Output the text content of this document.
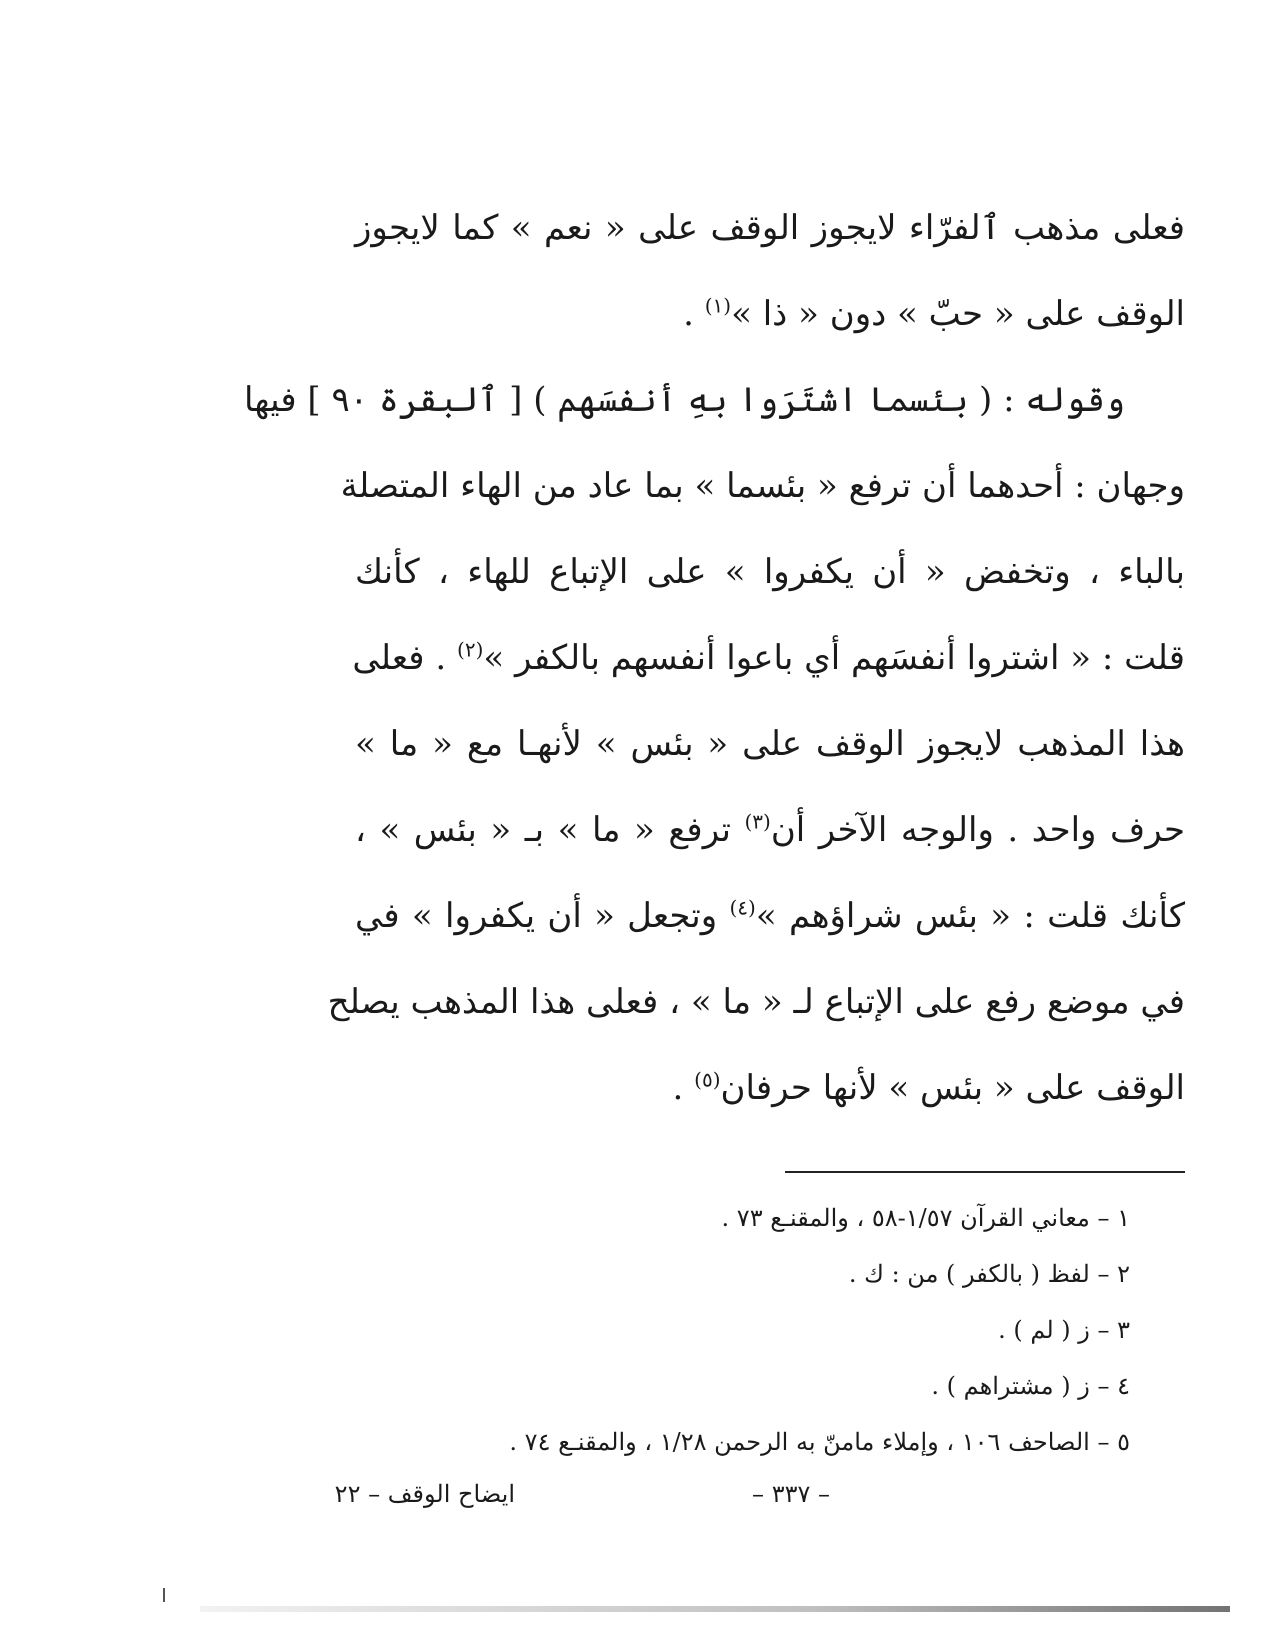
فعلى مذهب ٱلفرّاء لايجوز الوقف على « نعم » كما لايجوز
الوقف على « حبّ » دون « ذا »$^{(١)}$ .
وقوله : ( بئسما اشتَرَوا بهِ أنفسَهم ) [ ٱلبقرة ٩٠ ] فيها
وجهان : أحدهما أن ترفع « بئسما » بما عاد من الهاء المتصلة
بالباء ، وتخفض « أن يكفروا » على الإتباع للهاء ، كأنك
قلت : « اشتروا أنفسَهم أي باعوا أنفسهم بالكفر »$^{(٢)}$ . فعلى
هذا المذهب لايجوز الوقف على « بئس » لأنهـا مع « ما »
حرف واحد . والوجه الآخر أن$^{(٣)}$ ترفع « ما » بـ « بئس » ،
كأنك قلت : « بئس شراؤهم »$^{(٤)}$ وتجعل « أن يكفروا » في
في موضع رفع على الإتباع لـ « ما » ، فعلى هذا المذهب يصلح
الوقف على « بئس » لأنها حرفان$^{(٥)}$ .
١ – معاني القرآن ١/٥٧-٥٨ ، والمقنـع ٧٣ .
٢ – لفظ ( بالكفر ) من : ك .
٣ – ز ( لم ) .
٤ – ز ( مشتراهم ) .
٥ – الصاحف ١٠٦ ، وإملاء مامنّ به الرحمن ١/٢٨ ، والمقنـع ٧٤ .
– ٣٣٧ –
ايضاح الوقف – ٢٢
